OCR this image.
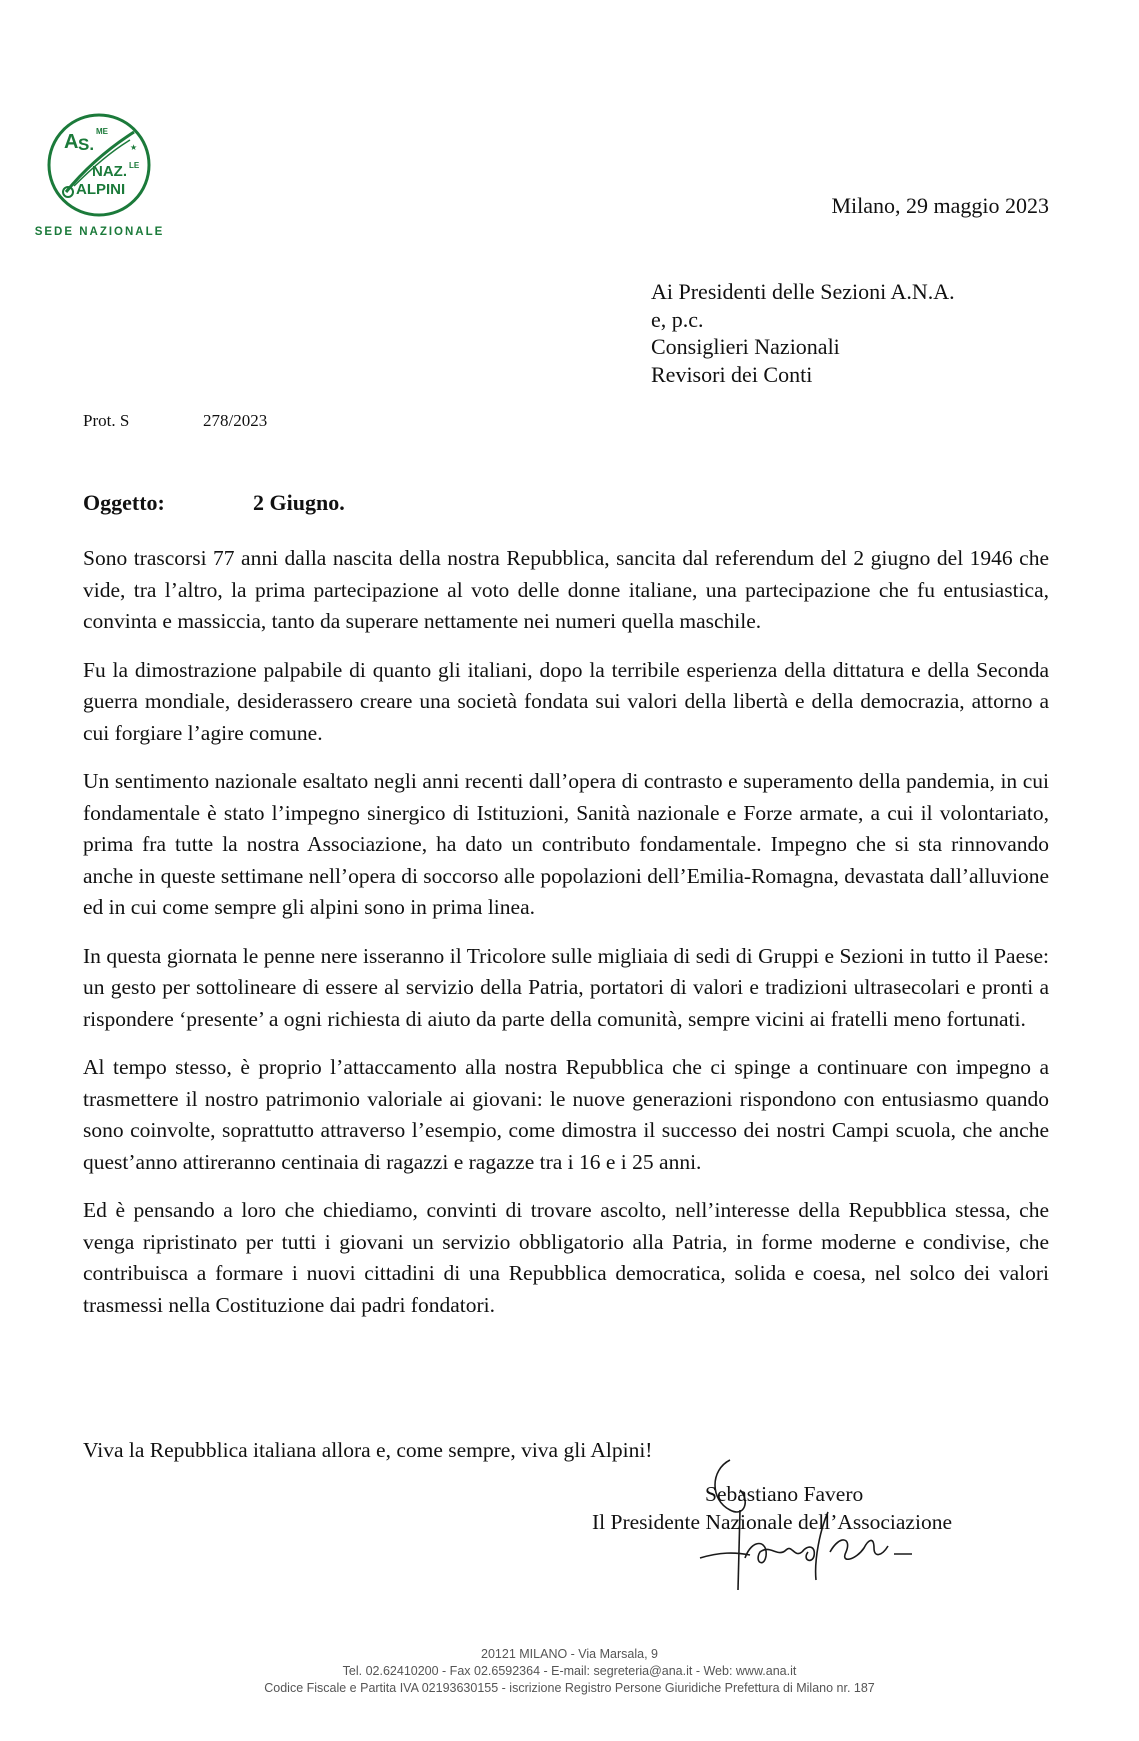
A S.
ME
NAZ. LE
ALPINI
★
SEDE NAZIONALE
Milano, 29 maggio 2023
Ai Presidenti delle Sezioni A.N.A.
e, p.c.
Consiglieri Nazionali
Revisori dei Conti
Prot. S	278/2023
Oggetto:	2 Giugno.

Sono trascorsi 77 anni dalla nascita della nostra Repubblica, sancita dal referendum del 2 giugno del 1946 che vide, tra l’altro, la prima partecipazione al voto delle donne italiane, una partecipazione che fu entusiastica, convinta e massiccia, tanto da superare nettamente nei numeri quella maschile.

Fu la dimostrazione palpabile di quanto gli italiani, dopo la terribile esperienza della dittatura e della Seconda guerra mondiale, desiderassero creare una società fondata sui valori della libertà e della democrazia, attorno a cui forgiare l’agire comune.

Un sentimento nazionale esaltato negli anni recenti dall’opera di contrasto e superamento della pandemia, in cui fondamentale è stato l’impegno sinergico di Istituzioni, Sanità nazionale e Forze armate, a cui il volontariato, prima fra tutte la nostra Associazione, ha dato un contributo fondamentale. Impegno che si sta rinnovando anche in queste settimane nell’opera di soccorso alle popolazioni dell’Emilia-Romagna, devastata dall’alluvione ed in cui come sempre gli alpini sono in prima linea.

In questa giornata le penne nere isseranno il Tricolore sulle migliaia di sedi di Gruppi e Sezioni in tutto il Paese: un gesto per sottolineare di essere al servizio della Patria, portatori di valori e tradizioni ultrasecolari e pronti a rispondere ‘presente’ a ogni richiesta di aiuto da parte della comunità, sempre vicini ai fratelli meno fortunati.

Al tempo stesso, è proprio l’attaccamento alla nostra Repubblica che ci spinge a continuare con impegno a trasmettere il nostro patrimonio valoriale ai giovani: le nuove generazioni rispondono con entusiasmo quando sono coinvolte, soprattutto attraverso l’esempio, come dimostra il successo dei nostri Campi scuola, che anche quest’anno attireranno centinaia di ragazzi e ragazze tra i 16 e i 25 anni.

Ed è pensando a loro che chiediamo, convinti di trovare ascolto, nell’interesse della Repubblica stessa, che venga ripristinato per tutti i giovani un servizio obbligatorio alla Patria, in forme moderne e condivise, che contribuisca a formare i nuovi cittadini di una Repubblica democratica, solida e coesa, nel solco dei valori trasmessi nella Costituzione dai padri fondatori.

Viva la Repubblica italiana allora e, come sempre, viva gli Alpini!
Sebastiano Favero
Il Presidente Nazionale dell’Associazione
20121 MILANO - Via Marsala, 9
Tel. 02.62410200 - Fax 02.6592364 - E-mail: segreteria@ana.it - Web: www.ana.it
Codice Fiscale e Partita IVA 02193630155 - iscrizione Registro Persone Giuridiche Prefettura di Milano nr. 187
